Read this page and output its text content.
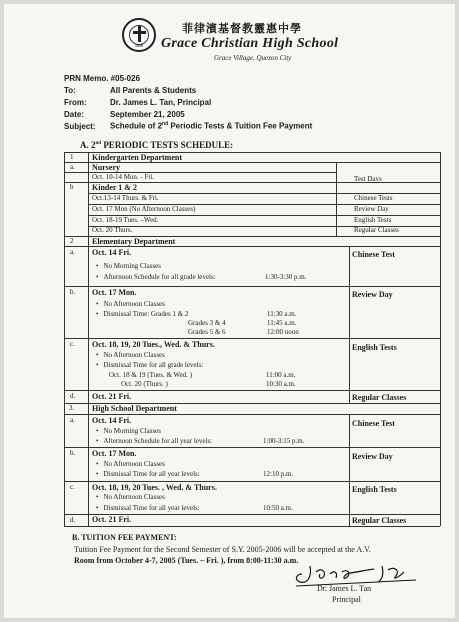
1950
菲律濱基督教靈惠中學
Grace Christian High School
Grace Village, Quezon City
PRN Memo. #05-026
To:	All Parents & Students
From:	Dr. James L. Tan, Principal
Date:	September 21, 2005
Subject: Schedule of 2nd Periodic Tests & Tuition Fee Payment
A. 2nd PERIODIC TESTS SCHEDULE:
1 Kindergarten Department
a. Nursery
Oct. 10-14 Mon. - Fri.	Test Days
b Kinder 1 & 2
Oct.13-14 Thurs. & Fri.	Chinese Tests
Oct. 17 Mon (No Afternoon Classes)	Review Day
Oct. 18-19 Tues. –Wed.	English Tests
Oct. 20 Thurs.	Regular Classes
2 Elementary Department
a. Oct. 14 Fri.	Chinese Test
• No Morning Classes
• Afternoon Schedule for all grade levels:	1:30-3:30 p.m.
b. Oct. 17 Mon.	Review Day
• No Afternoon Classes
• Dismissal Time: Grades 1 & 2	11:30 a.m.
Grades 3 & 4	11:45 a.m.
Grades 5 & 6	12:00 noon
c. Oct. 18, 19, 20 Tues., Wed. & Thurs.	English Tests
• No Afternoon Classes
• Dismissal Time for all grade levels:
Oct. 18 & 19 (Tues. & Wed. )	11:00 a.m.
Oct. 20 (Thurs. )	10:30 a.m.
d. Oct. 21 Fri.	Regular Classes
3. High School Department
a. Oct. 14 Fri.	Chinese Test
• No Morning Classes
• Afternoon Schedule for all year levels:	1:00-3:15 p.m.
b. Oct. 17 Mon.	Review Day
• No Afternoon Classes
• Dismissal Time for all year levels:	12:10 p.m.
c. Oct. 18, 19, 20 Tues. , Wed. & Thurs.	English Tests
• No Afternoon Classes
• Dismissal Time for all year levels:	10:50 a.m.
d. Oct. 21 Fri.	Regular Classes
B. TUITION FEE PAYMENT:
Tuition Fee Payment for the Second Semester of S.Y. 2005-2006 will be accepted at the A.V.
Room from October 4-7, 2005 (Tues. – Fri. ), from 8:00-11:30 a.m.
Dr. James L. Tan
Principal
